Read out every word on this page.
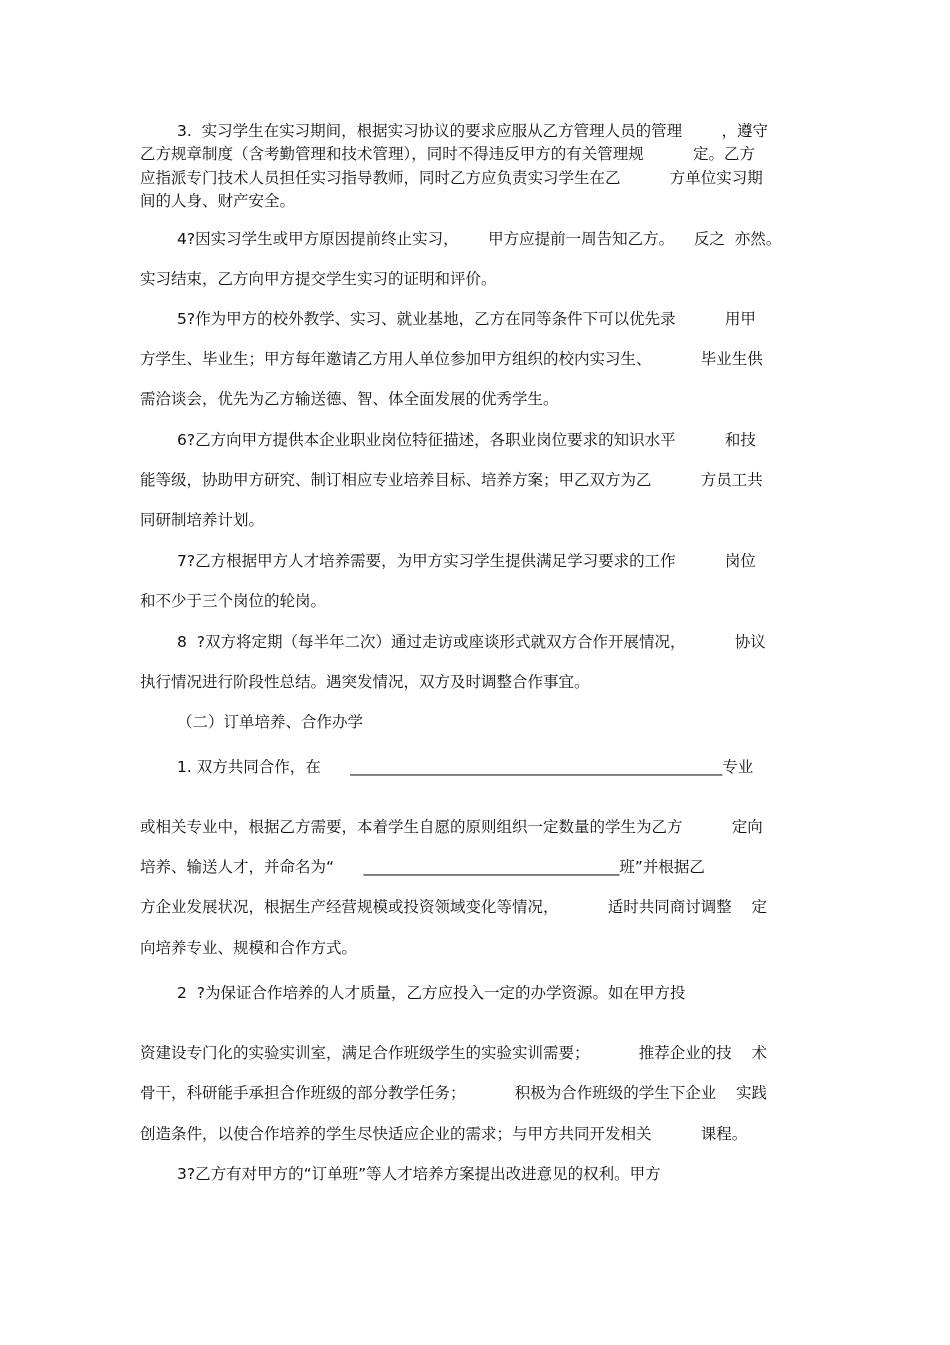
3.  实习学生在实习期间，根据实习协议的要求应服从乙方管理人员的管理        ，遵守
乙方规章制度（含考勤管理和技术管理），同时不得违反甲方的有关管理规          定。乙方
应指派专门技术人员担任实习指导教师，同时乙方应负责实习学生在乙          方单位实习期
间的人身、财产安全。
4?因实习学生或甲方原因提前终止实习，      甲方应提前一周告知乙方。    反之  亦然。
实习结束，乙方向甲方提交学生实习的证明和评价。
5?作为甲方的校外教学、实习、就业基地，乙方在同等条件下可以优先录          用甲
方学生、毕业生；甲方每年邀请乙方用人单位参加甲方组织的校内实习生、          毕业生供
需洽谈会，优先为乙方输送德、智、体全面发展的优秀学生。
6?乙方向甲方提供本企业职业岗位特征描述，各职业岗位要求的知识水平          和技
能等级，协助甲方研究、制订相应专业培养目标、培养方案；甲乙双方为乙          方员工共
同研制培养计划。
7?乙方根据甲方人才培养需要，为甲方实习学生提供满足学习要求的工作          岗位
和不少于三个岗位的轮岗。
8  ?双方将定期（每半年二次）通过走访或座谈形式就双方合作开展情况，          协议
执行情况进行阶段性总结。遇突发情况，双方及时调整合作事宜。
（二）订单培养、合作办学
1. 双方共同合作，在      ________________________________________________专业
或相关专业中，根据乙方需要，本着学生自愿的原则组织一定数量的学生为乙方          定向
培养、输送人才，并命名为“      _________________________________班”并根据乙
方企业发展状况，根据生产经营规模或投资领域变化等情况，          适时共同商讨调整    定
向培养专业、规模和合作方式。
2  ?为保证合作培养的人才质量，乙方应投入一定的办学资源。如在甲方投
资建设专门化的实验实训室，满足合作班级学生的实验实训需要；          推荐企业的技    术
骨干，科研能手承担合作班级的部分教学任务；          积极为合作班级的学生下企业    实践
创造条件，以使合作培养的学生尽快适应企业的需求；与甲方共同开发相关          课程。
3?乙方有对甲方的“订单班”等人才培养方案提出改进意见的权利。甲方
